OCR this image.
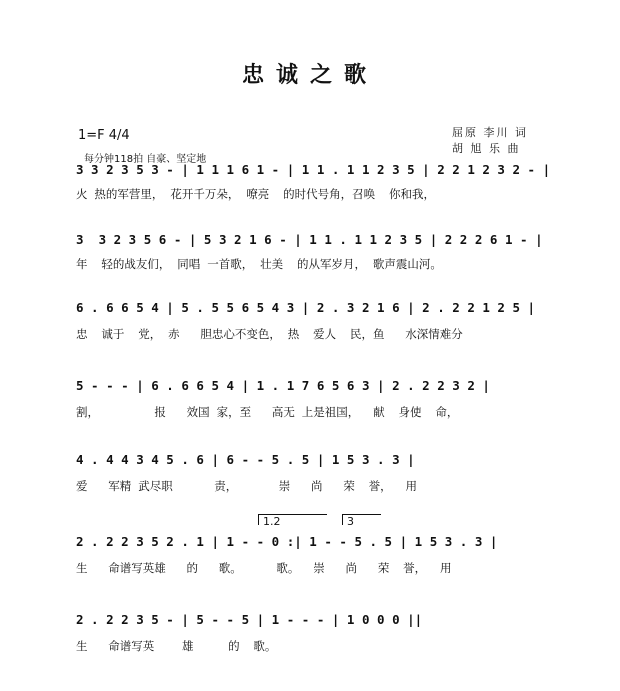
忠诚之歌
1=F 4/4
每分钟118拍 自豪、坚定地
屈原 李川 词
胡 旭 乐 曲
3 3 2 3 5 3 - | 1 1 1 6 1 - | 1 1 . 1 1 2 3 5 | 2 2 1 2 3 2 - |
火 热的军营里， 花开千万朵， 嘹亮  的时代号角，召唤  你和我，
3  3 2 3 5 6 - | 5 3 2 1 6 - | 1 1 . 1 1 2 3 5 | 2 2 2 6 1 - |
年  轻的战友们， 同唱 一首歌， 壮美  的从军岁月， 歌声震山河。
6 . 6 6 5 4 | 5 . 5 5 6 5 4 3 | 2 . 3 2 1 6 | 2 . 2 2 1 2 5 |
忠  诚于  党， 赤   胆忠心不变色， 热  爱人  民，鱼   水深情难分
5 - - - | 6 . 6 6 5 4 | 1 . 1 7 6 5 6 3 | 2 . 2 2 3 2 |
割，        报   效国 家，至   高无 上是祖国，  献  身使  命，
4 . 4 4 3 4 5 . 6 | 6 - - 5 . 5 | 1 5 3 . 3 |
爱   军精 武尽职      责，      崇   尚   荣  誉，  用
1.2	3
2 . 2 2 3 5 2 . 1 | 1 - - 0 :| 1 - - 5 . 5 | 1 5 3 . 3 |
生   命谱写英雄   的   歌。     歌。  崇   尚   荣  誉，  用
2 . 2 2 3 5 - | 5 - - 5 | 1 - - - | 1 0 0 0 ||
生   命谱写英    雄     的  歌。
